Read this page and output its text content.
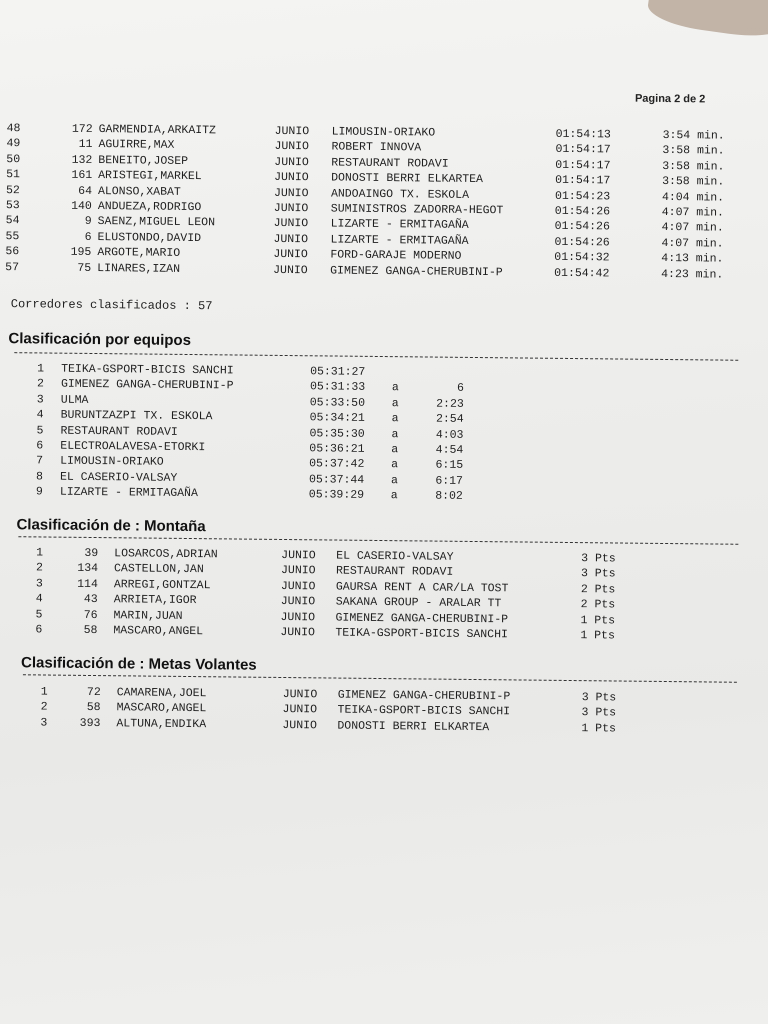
Pagina 2 de 2
48	172 GARMENDIA,ARKAITZ	JUNIO LIMOUSIN-ORIAKO	01:54:13	3:54 min.
49	11 AGUIRRE,MAX	JUNIO ROBERT INNOVA	01:54:17	3:58 min.
50	132 BENEITO,JOSEP	JUNIO RESTAURANT RODAVI	01:54:17	3:58 min.
51	161 ARISTEGI,MARKEL	JUNIO DONOSTI BERRI ELKARTEA	01:54:17	3:58 min.
52	64 ALONSO,XABAT	JUNIO ANDOAINGO TX. ESKOLA	01:54:23	4:04 min.
53	140 ANDUEZA,RODRIGO	JUNIO SUMINISTROS ZADORRA-HEGOT	01:54:26	4:07 min.
54	9 SAENZ,MIGUEL LEON	JUNIO LIZARTE - ERMITAGAÑA	01:54:26	4:07 min.
55	6 ELUSTONDO,DAVID	JUNIO LIZARTE - ERMITAGAÑA	01:54:26	4:07 min.
56	195 ARGOTE,MARIO	JUNIO FORD-GARAJE MODERNO	01:54:32	4:13 min.
57	75 LINARES,IZAN	JUNIO GIMENEZ GANGA-CHERUBINI-P	01:54:42	4:23 min.
Corredores clasificados : 57
Clasificación por equipos
1 TEIKA-GSPORT-BICIS SANCHI	05:31:27
2 GIMENEZ GANGA-CHERUBINI-P	05:31:33 a	6
3 ULMA	05:33:50 a	2:23
4 BURUNTZAZPI TX. ESKOLA	05:34:21 a	2:54
5 RESTAURANT RODAVI	05:35:30 a	4:03
6 ELECTROALAVESA-ETORKI	05:36:21 a	4:54
7 LIMOUSIN-ORIAKO	05:37:42 a	6:15
8 EL CASERIO-VALSAY	05:37:44 a	6:17
9 LIZARTE - ERMITAGAÑA	05:39:29 a	8:02
Clasificación de : Montaña
1	39 LOSARCOS,ADRIAN	JUNIO EL CASERIO-VALSAY	3 Pts
2	134 CASTELLON,JAN	JUNIO RESTAURANT RODAVI	3 Pts
3	114 ARREGI,GONTZAL	JUNIO GAURSA RENT A CAR/LA TOST	2 Pts
4	43 ARRIETA,IGOR	JUNIO SAKANA GROUP - ARALAR TT	2 Pts
5	76 MARIN,JUAN	JUNIO GIMENEZ GANGA-CHERUBINI-P	1 Pts
6	58 MASCARO,ANGEL	JUNIO TEIKA-GSPORT-BICIS SANCHI	1 Pts
Clasificación de : Metas Volantes
1	72 CAMARENA,JOEL	JUNIO GIMENEZ GANGA-CHERUBINI-P	3 Pts
2	58 MASCARO,ANGEL	JUNIO TEIKA-GSPORT-BICIS SANCHI	3 Pts
3	393 ALTUNA,ENDIKA	JUNIO DONOSTI BERRI ELKARTEA	1 Pts
